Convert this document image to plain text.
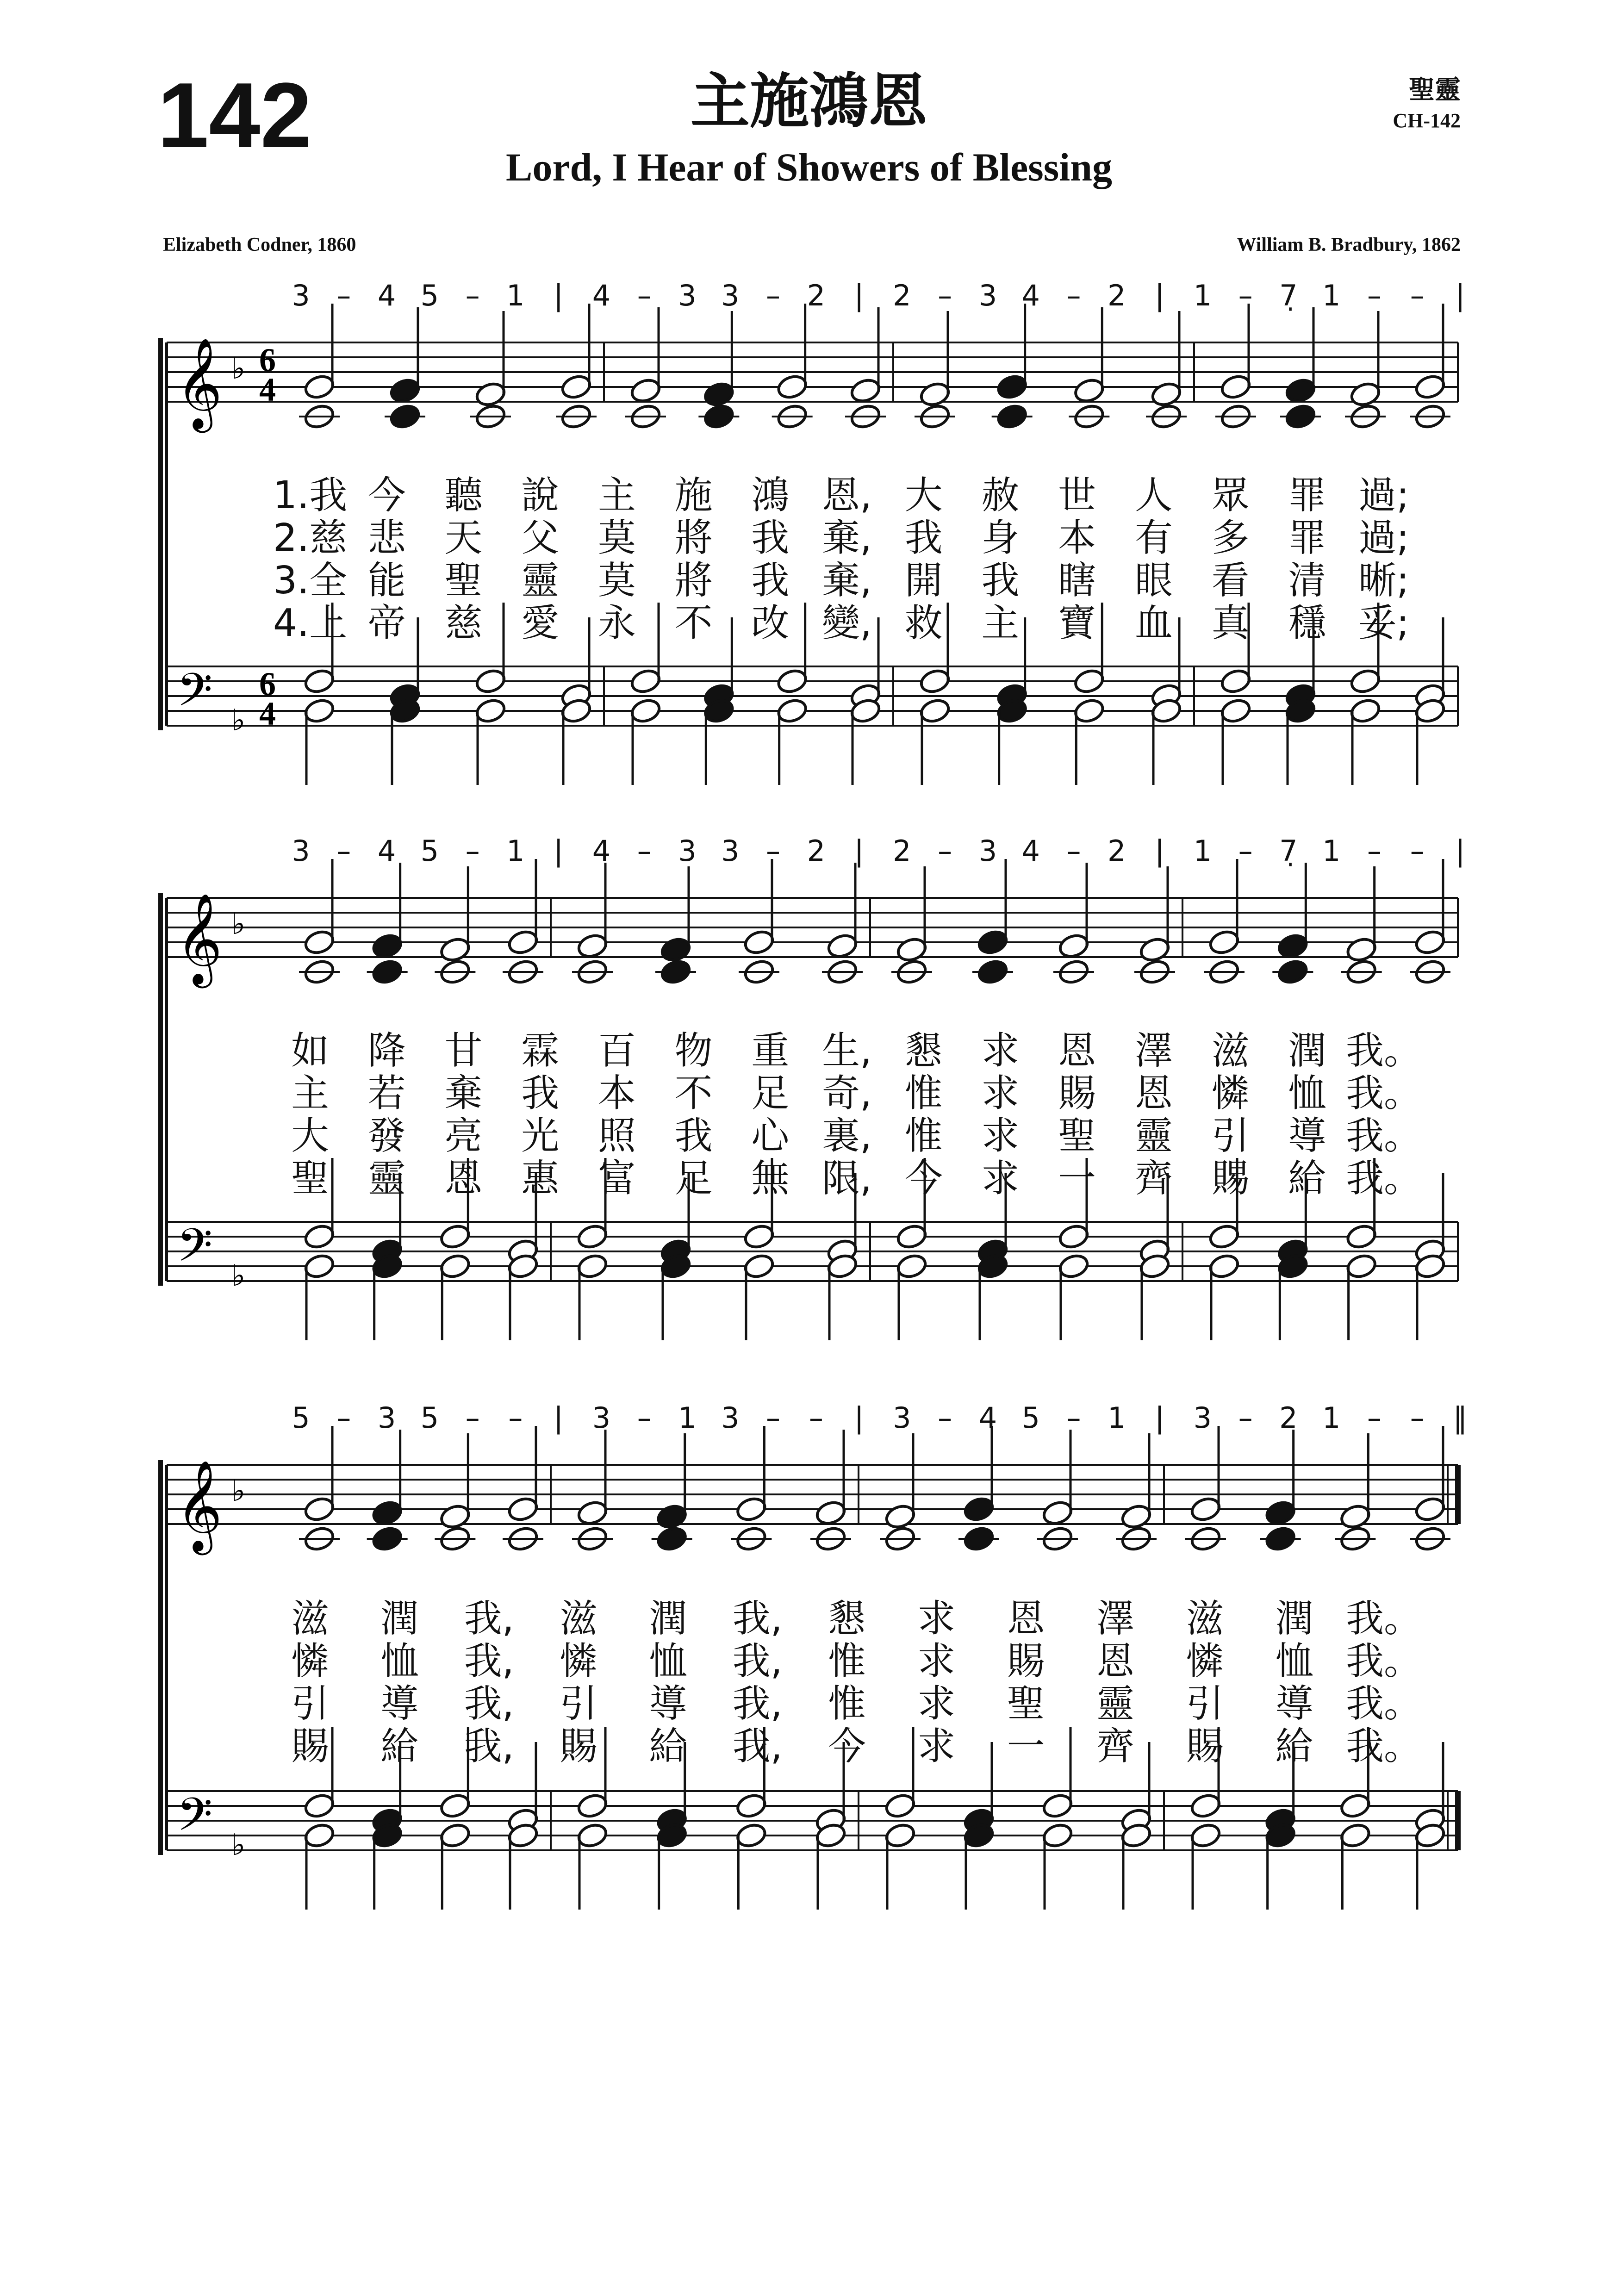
3 – 4 5 – 1 | 4 – 3 3 – 2 | 2 – 3 4 – 2 | 1 – 7̣ 1 – – |
𝄞
𝄢
♭
♭
6
4
6
4
1.我 今 聽 說 主 施 鴻 恩, 大 赦 世 人 眾 罪 過;
2.慈 悲 天 父 莫 將 我 棄, 我 身 本 有 多 罪 過;
3.全 能 聖 靈 莫 將 我 棄, 開 我 瞎 眼 看 清 晰;
4.上 帝 慈 愛 永 不 改 變, 救 主 寶 血 真 穩 妥;
3 – 4 5 – 1 | 4 – 3 3 – 2 | 2 – 3 4 – 2 | 1 – 7̣ 1 – – |
𝄞
𝄢
♭
♭
如 降 甘 霖 百 物 重 生, 懇 求 恩 澤 滋 潤 我。
主 若 棄 我 本 不 足 奇, 惟 求 賜 恩 憐 恤 我。
大 發 亮 光 照 我 心 裏, 惟 求 聖 靈 引 導 我。
聖 靈 恩 惠 富 足 無 限, 今 求 一 齊 賜 給 我。
5 – 3 5 – – | 3 – 1 3 – – | 3 – 4 5 – 1 | 3 – 2 1 – – ‖
𝄞
𝄢
♭
♭
滋 潤 我, 滋 潤 我, 懇 求 恩 澤 滋 潤 我。
憐 恤 我, 憐 恤 我, 惟 求 賜 恩 憐 恤 我。
引 導 我, 引 導 我, 惟 求 聖 靈 引 導 我。
賜 給 我, 賜 給 我, 今 求 一 齊 賜 給 我。
142	主施鴻恩
Lord, I Hear of Showers of Blessing
聖靈
CH-142
Elizabeth Codner, 1860	William B. Bradbury, 1862
